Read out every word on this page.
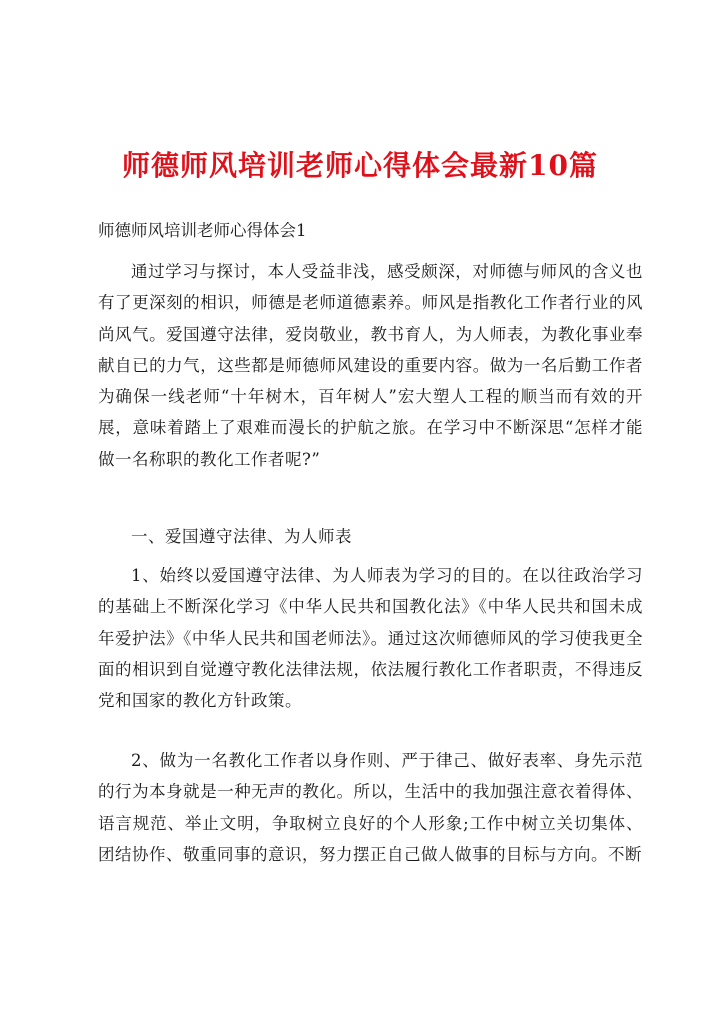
师德师风培训老师心得体会最新10篇
师德师风培训老师心得体会1

通过学习与探讨，本人受益非浅，感受颇深，对师德与师风的含义也有了更深刻的相识，师德是老师道德素养。师风是指教化工作者行业的风尚风气。爱国遵守法律，爱岗敬业，教书育人，为人师表，为教化事业奉献自已的力气，这些都是师德师风建设的重要内容。做为一名后勤工作者为确保一线老师“十年树木，百年树人”宏大塑人工程的顺当而有效的开展，意味着踏上了艰难而漫长的护航之旅。在学习中不断深思“怎样才能做一名称职的教化工作者呢?”

一、爱国遵守法律、为人师表

1、始终以爱国遵守法律、为人师表为学习的目的。在以往政治学习的基础上不断深化学习《中华人民共和国教化法》《中华人民共和国未成年爱护法》《中华人民共和国老师法》。通过这次师德师风的学习使我更全面的相识到自觉遵守教化法律法规，依法履行教化工作者职责，不得违反党和国家的教化方针政策。

2、做为一名教化工作者以身作则、严于律己、做好表率、身先示范的行为本身就是一种无声的教化。所以，生活中的我加强注意衣着得体、语言规范、举止文明，争取树立良好的个人形象;工作中树立关切集体、团结协作、敬重同事的意识，努力摆正自己做人做事的目标与方向。不断
